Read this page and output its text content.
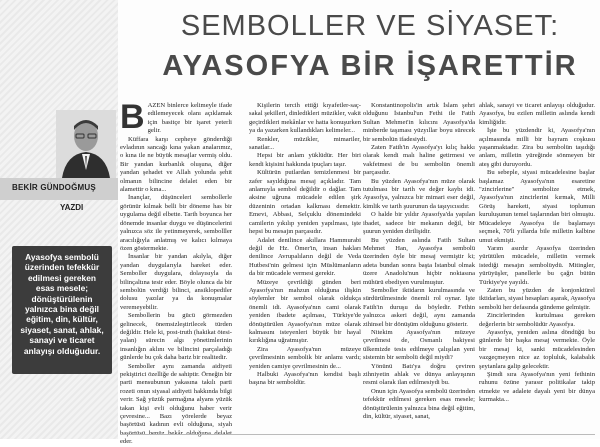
BEKİR GÜNDOĞMUŞ
YAZDI
Ayasofya sembolü üzerinden tefekkür edilmesi gereken esas mesele; dönüştürülenin yalnızca bina değil eğitim, din, kültür, siyaset, sanat, ahlak, sanayi ve ticaret anlayışı olduğudur.
SEMBOLLER VE SİYASET:
AYASOFYA BİR İŞARETTİR
B AZEN binlerce kelimeyle ifade edilemeyecek olanı açıklamak için basitçe bir işaret yeterli gelir.

Küffara karşı cepheye gönderdiği evladının sancağı kına yakan analarımız, o kına ile ne büyük mesajlar vermiş oldu. Bir yandan kurbanlık oluşuna, diğer yandan şehadet ve Allah yolunda şehit olmanın bilincine delalet eden bir alamettir o kına...

İnançlar, düşünceleri sembollerle görünür kılmak belli bir döneme has bir uygulama değil elbette. Tarih boyunca her dönemde insanlar duygu ve düşüncelerini yalnızca söz ile yetinmeyerek, sembolller aracılığıyla anlatmış ve kalıcı kılmaya özen göstermekte.

İnsanlar bir yandan akılyla, diğer yandan duygularıyla hareket eder. Semboller duygulara, dolayısıyla da bilinçaltına tesir eder. Böyle olunca da bir sembolün verdiği bilinci, ansiklopediler dolusu yazılar ya da konuşmalar veremeyebilir.

Sembollerin bu gücü görmezden gelinecek, önemsizleştirilecek türden değildir. Hele ki, post-truth (hakikat ötesi-yalan) sürecin algı yönetimlerinin insanlığın aklını ve bilincini parçaladığı günlerde bu çok daha bariz bir realitedir.

Semboller aynı zamanda aidiyeti pekiştirici özelliğe de sahiptir. Örneğin bir parti mensubunun yakasına takılı parti rozeti onun siyasal aidiyeti hakkında bilgi verir. Sağ yüzük parmağına alyans yüzük takan kişi evli olduğunu haber verir çevresine... Bazı yörelerde beyaz başörtüsü kadının evli olduğuna, siyah eder.

Kişilerin tercih ettiği kıyafetler-saç-sakal şekilleri, dinledikleri müzikler, vakit geçirdikleri mekânlar ve hatta konuşurken ya da yazarken kullandıkları kelimeler...

Renkler, müzikler, mimariler, sanatlar...

Hepsi bir anlam yüklüdür. Her biri kendi kişisini hakkında ipuçları taşır.

Kültürün putlardan temizlenmesi bir zafer sayıldığına mesaj açıkladır. Tam anlamıyla sembol değildir o dağlar. Tam aksine uğruna mücadele edilen şirk düzeninin ortadan kalkması demektir. Emevi, Abbasi, Selçuklu dönemindeki camilerin yıkılıp yeniden yapılması, işte hepsi bu mesajın parçasıdır.

Adalet denilince akıllara Hammurabi değil de Hz. Ömer'in, insan hakları denilince Avrupalıların değil de Veda Hutbesi'nin gelmesi için Müslümanların da bir mücadele vermesi gerekir.

Müzeye çevrildiği günden beri Ayasofya'nın mahzun olduğuna ilişkin söylemler bir sembol olarak oldukça önemli idi. Ayasofya'nın cami olarak yeniden ibadete açılması, Türkiye'de dönüştürülen Ayasofya'nın müze olarak kalmasını isteyenleri büyük bir hayal kırıklığına uğratmıştır.

Zira Ayasofya'nın müzeye çevrilmesinin sembolik bir anlamı vardı; yeniden camiye çevrilmesinin de...

Halbuki Ayasofya'nın kendisi başlı başına bir semboldür.

Konstantinopolis'in artık İslam şehri olduğunu İstanbul'un Fethi ile Fatih Sultan Mehmet'in kılıcını Ayasofya'da minberde taşıması yüzyıllar boyu sürecek bir sembolün ifadesiydi.

Zaten Fatih'in Ayasofya'yı kılıç hakkı olarak kendi malı haline getirmesi ve vakfetmesi de bu sembolün önemli parçasıdır.

Bu yüzden Ayasofya'nın müze olarak tutulması bir tarih ve değer kaybı idi. Ayasofya, yalnızca bir mimari eser değil, kimlik ve tarih şuurunun da taşıyıcısıdır.

O halde bir yıldır Ayasofya'da yapılan ibadet, sadece bir mekanın değil, bir şuurun yeniden dirilişidir.

Bu yüzden aslında Fatih Sultan Mehmet Han, Ayasofya sembolü üzerinden öyle bir mesaj vermiştir ki; adeta bundan sonra başta İstanbul olmak üzere Anadolu'nun hiçbir noktasına mühürü ebediyen vurulmuştur.

Semboller iktidarın kurulmasında ve sürdürülmesinde önemli rol oynar. İşte Fatih'in duruşu da böyledir. Fethin yalnızca askeri değil, aynı zamanda zihinsel bir dönüşüm olduğunu gösterir.

Nitekim Ayasofya'nın müzeye çevrilmesi de, Osmanlı bakiyesi ülkemizde tesis edilmeye çalışılan yeni sistemin bir sembolü değil miydi?

Yönünü Batı'ya doğru çeviren zihniyetin ahlak ve dünya anlayışının resmi olarak ilan edilmesiydi bu.

Onun için Ayasofya sembolü üzerinden tefekkür edilmesi gereken esas mesele; dönüştürülenin yalnızca bina değil eğitim, din, kültür, siyaset, sanat,

ahlak, sanayi ve ticaret anlayışı olduğudur. Ayasofya, bu ezilen milletin aslında kendi kimliğidir.

İşte bu yüzdendir ki, Ayasofya'nın açılmasında milli bir bayram coşkusu yaşanmaktadır. Zira bu sembolün taşıdığı anlam, milletin yüreğinde sönmeyen bir ateş gibi duruyordu.

Bu sebeple, siyasi mücadelesine başlar başlamaz Ayasofya'nın esaretine "zincirlerine" sembolize etmek, Ayasofya'nın zincirlerini kırmak, Milli Görüş hareketi, siyasi toplumun kuruluşunun temel taşlarından biri olmuştu. Mücadeleye Ayasofya ile başlamayı seçmek, 70'li yıllarda bile milletin kalbine umut ekmişti.

Yarım asırdır Ayasofya üzerinden yürütülen mücadele, milletin vermek istediği mesajın sembolüydü. Mitingler, yürüyüşler, panellerle bu çağrı bütün Türkiye'ye yayıldı.

Zaten bu yüzden de konjonktürel iktidarları, siyasi hesapları aşarak, Ayasofya sembolü her defasında gündeme gelmiştir.

Zincirlerinden kurtulması gereken değerlerin bir sembolüdür Ayasofya.

Ayasofya, yeniden aslına döndüğü bu günlerde bir başka mesaj vermekte. Öyle bir mesaj ki, sanki mücadelesinden vazgeçmeyen nice az topluluk, kalabalık şeytanlara galip gelecektir.

Şimdi sıra Ayasofya'nın yeni fethinin ruhunu özüne yarasır politikalar takip etmekte ve adalete dayalı yeni bir dünya kurmakta...
